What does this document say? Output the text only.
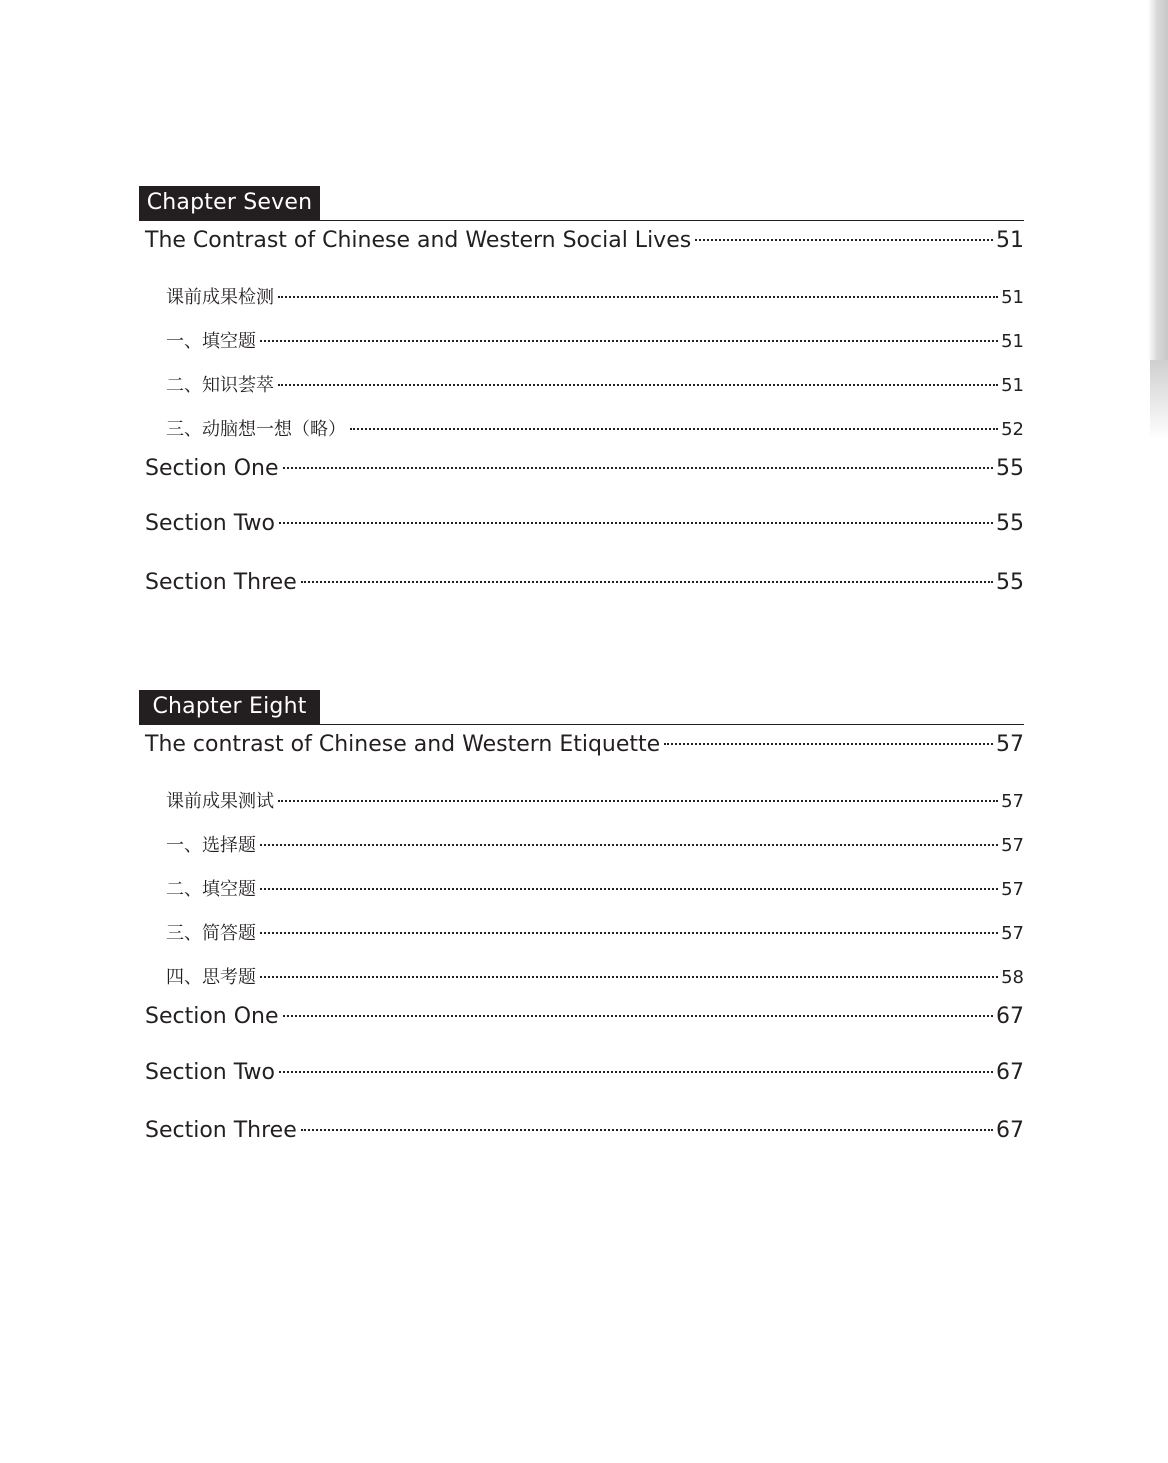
Chapter Seven
The Contrast of Chinese and Western Social Lives	51
课前成果检测	51
一、填空题	51
二、知识荟萃	51
三、动脑想一想（略）	52
Section One	55
Section Two	55
Section Three	55
Chapter Eight
The contrast of Chinese and Western Etiquette	57
课前成果测试	57
一、选择题	57
二、填空题	57
三、简答题	57
四、思考题	58
Section One	67
Section Two	67
Section Three	67
